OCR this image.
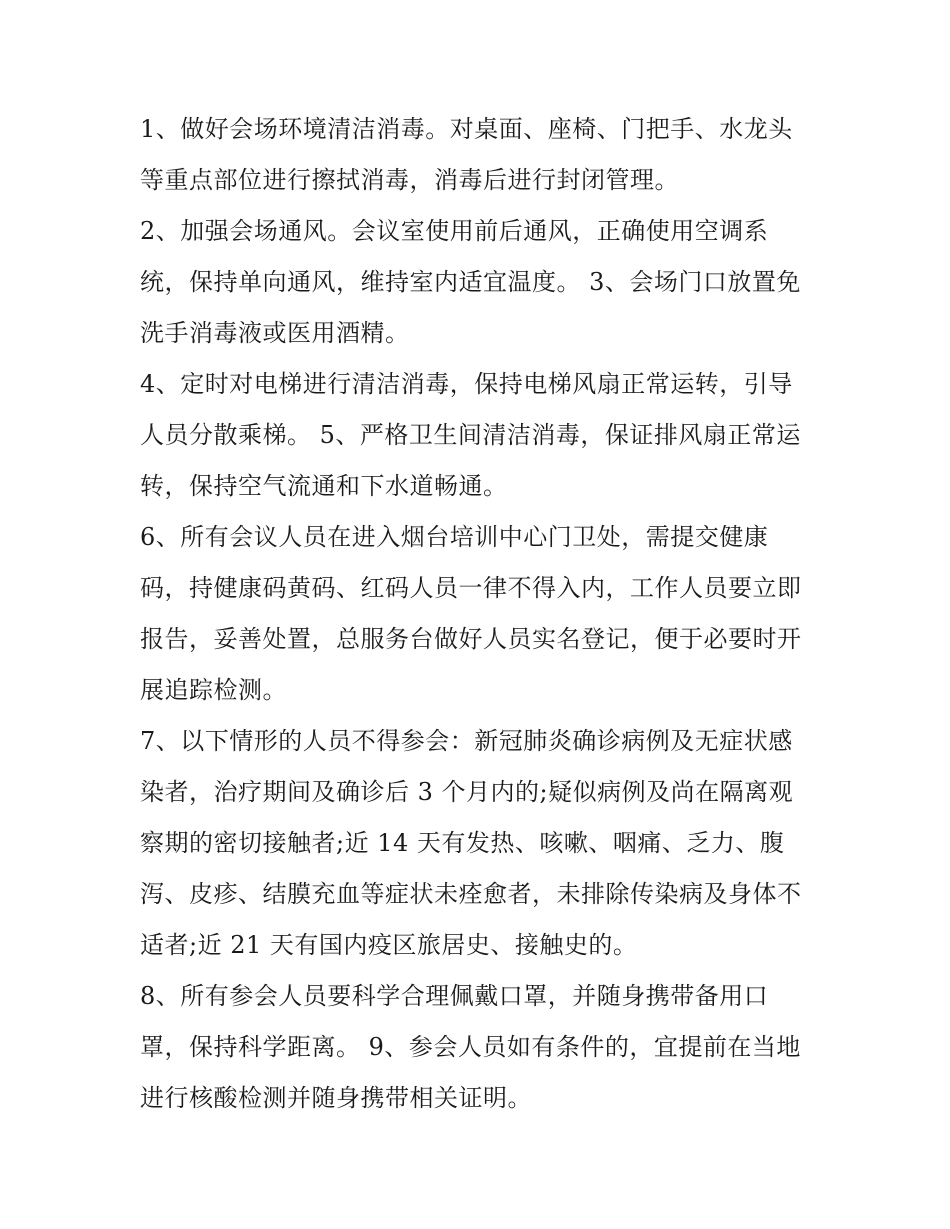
1、做好会场环境清洁消毒。对桌面、座椅、门把手、水龙头
等重点部位进行擦拭消毒，消毒后进行封闭管理。
2、加强会场通风。会议室使用前后通风，正确使用空调系
统，保持单向通风，维持室内适宜温度。 3、会场门口放置免
洗手消毒液或医用酒精。
4、定时对电梯进行清洁消毒，保持电梯风扇正常运转，引导
人员分散乘梯。 5、严格卫生间清洁消毒，保证排风扇正常运
转，保持空气流通和下水道畅通。
6、所有会议人员在进入烟台培训中心门卫处，需提交健康
码，持健康码黄码、红码人员一律不得入内，工作人员要立即
报告，妥善处置，总服务台做好人员实名登记，便于必要时开
展追踪检测。
7、以下情形的人员不得参会：新冠肺炎确诊病例及无症状感
染者，治疗期间及确诊后 3 个月内的;疑似病例及尚在隔离观
察期的密切接触者;近 14 天有发热、咳嗽、咽痛、乏力、腹
泻、皮疹、结膜充血等症状未痊愈者，未排除传染病及身体不
适者;近 21 天有国内疫区旅居史、接触史的。
8、所有参会人员要科学合理佩戴口罩，并随身携带备用口
罩，保持科学距离。 9、参会人员如有条件的，宜提前在当地
进行核酸检测并随身携带相关证明。
